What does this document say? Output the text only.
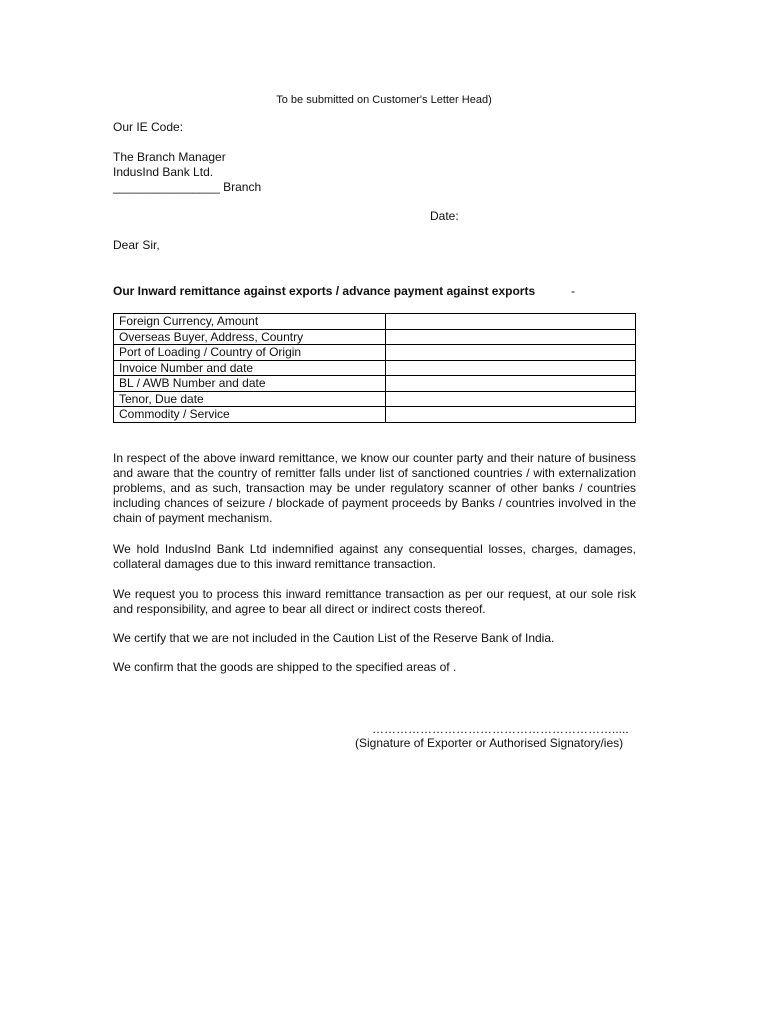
To be submitted on Customer's Letter Head)
Our IE Code:
The Branch Manager
IndusInd Bank Ltd.
________________ Branch
Date:
Dear Sir,
Our Inward remittance against exports / advance payment against exports	-
Foreign Currency, Amount	
Overseas Buyer, Address, Country	
Port of Loading / Country of Origin	
Invoice Number and date	
BL / AWB Number and date	
Tenor, Due date	
Commodity / Service	
In respect of the above inward remittance, we know our counter party and their nature of business and aware that the country of remitter falls under list of sanctioned countries / with externalization problems, and as such, transaction may be under regulatory scanner of other banks / countries including chances of seizure / blockade of payment proceeds by Banks / countries involved in the chain of payment mechanism.
We hold IndusInd Bank Ltd indemnified against any consequential losses, charges, damages, collateral damages due to this inward remittance transaction.
We request you to process this inward remittance transaction as per our request, at our sole risk and responsibility, and agree to bear all direct or indirect costs thereof.
We certify that we are not included in the Caution List of the Reserve Bank of India.
We confirm that the goods are shipped to the specified areas of .
…………………………………………………….....
(Signature of Exporter or Authorised Signatory/ies)
